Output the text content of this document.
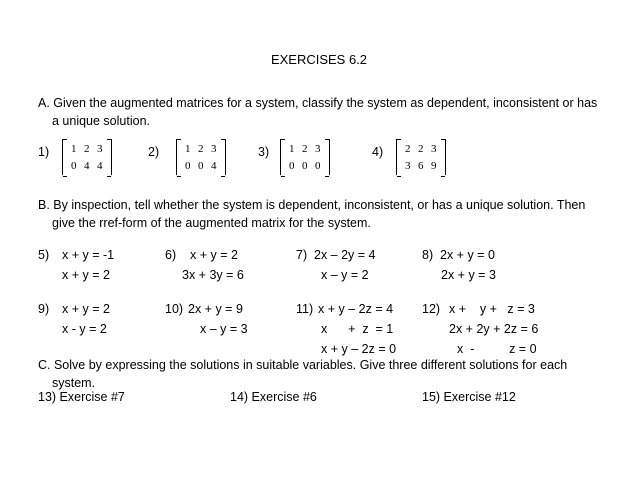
EXERCISES 6.2
A. Given the augmented matrices for a system, classify the system as dependent, inconsistent or has
a unique solution.
1) 1 2 3
0 4 4
2) 1 2 3
0 0 4
3) 1 2 3
0 0 0
4) 2 2 3
3 6 9
B. By inspection, tell whether the system is dependent, inconsistent, or has a unique solution. Then
give the rref-form of the augmented matrix for the system.
5) x + y = -1
x + y = 2
6) x + y = 2
3x + 3y = 6
7) 2x – 2y = 4
x – y = 2
8) 2x + y = 0
2x + y = 3
9) x + y = 2
x - y = 2
10) 2x + y = 9
x – y = 3
11) x + y – 2z = 4
x      +  z  = 1
x + y – 2z = 0
12) x +    y +   z = 3
2x + 2y + 2z = 6
x  -          z = 0
C. Solve by expressing the solutions in suitable variables. Give three different solutions for each
system.
13) Exercise #7	14) Exercise #6	15) Exercise #12
